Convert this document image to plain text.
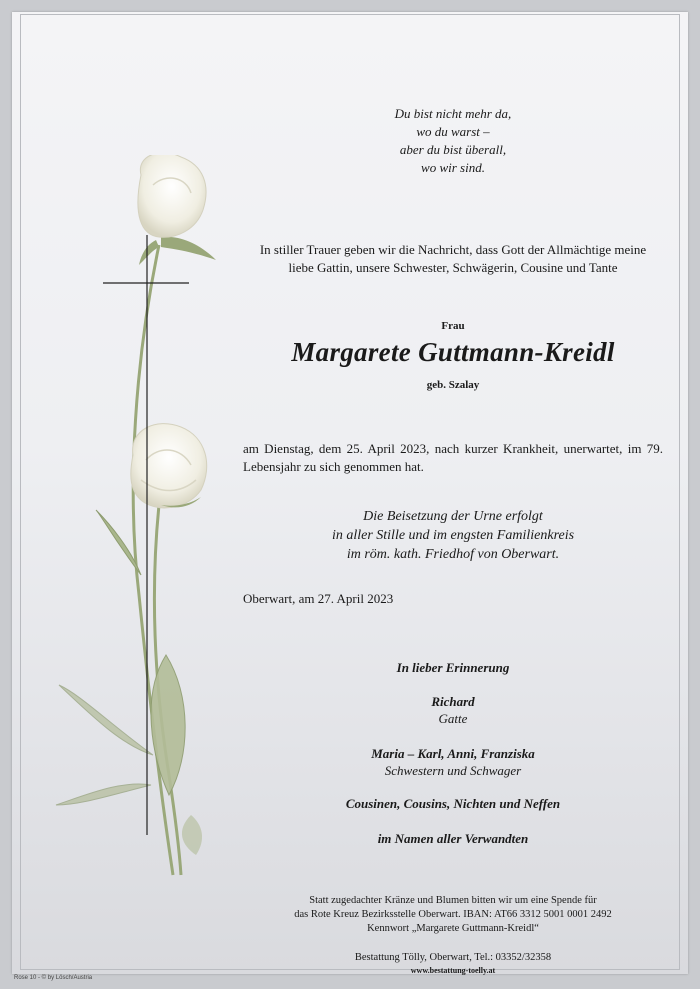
Du bist nicht mehr da,
wo du warst –
aber du bist überall,
wo wir sind.
In stiller Trauer geben wir die Nachricht, dass Gott der Allmächtige meine
liebe Gattin, unsere Schwester, Schwägerin, Cousine und Tante
Frau
Margarete Guttmann-Kreidl
geb. Szalay
am Dienstag, dem 25. April 2023, nach kurzer Krankheit, unerwartet, im 79. Lebensjahr zu sich genommen hat.
Die Beisetzung der Urne erfolgt
in aller Stille und im engsten Familienkreis
im röm. kath. Friedhof von Oberwart.
Oberwart, am 27. April 2023
In lieber Erinnerung
Richard
Gatte
Maria – Karl, Anni, Franziska
Schwestern und Schwager
Cousinen, Cousins, Nichten und Neffen
im Namen aller Verwandten
Statt zugedachter Kränze und Blumen bitten wir um eine Spende für
das Rote Kreuz Bezirksstelle Oberwart. IBAN: AT66 3312 5001 0001 2492
Kennwort „Margarete Guttmann-Kreidl“
Bestattung Tölly, Oberwart, Tel.: 03352/32358
www.bestattung-toelly.at
Rose 10 - © by Lösch/Austria
